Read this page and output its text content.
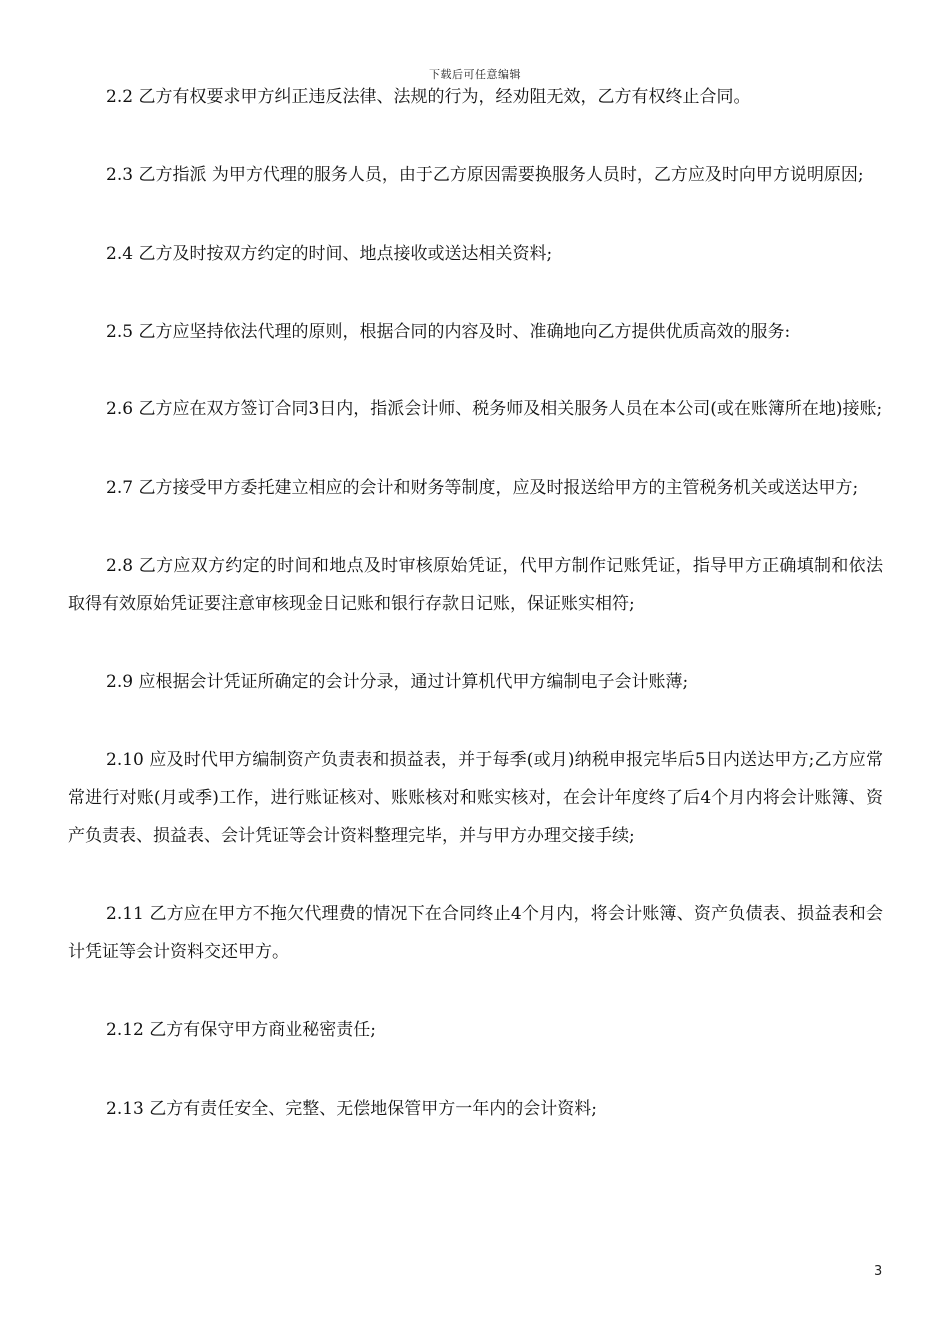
下载后可任意编辑

2.2 乙方有权要求甲方纠正违反法律、法规的行为，经劝阻无效，乙方有权终止合同。

2.3 乙方指派 为甲方代理的服务人员，由于乙方原因需要换服务人员时，乙方应及时向甲方说明原因;

2.4 乙方及时按双方约定的时间、地点接收或送达相关资料;

2.5 乙方应坚持依法代理的原则，根据合同的内容及时、准确地向乙方提供优质高效的服务:

2.6 乙方应在双方签订合同3日内，指派会计师、税务师及相关服务人员在本公司(或在账簿所在地)接账;

2.7 乙方接受甲方委托建立相应的会计和财务等制度，应及时报送给甲方的主管税务机关或送达甲方;

2.8 乙方应双方约定的时间和地点及时审核原始凭证，代甲方制作记账凭证，指导甲方正确填制和依法取得有效原始凭证要注意审核现金日记账和银行存款日记账，保证账实相符;

2.9 应根据会计凭证所确定的会计分录，通过计算机代甲方编制电子会计账薄;

2.10 应及时代甲方编制资产负责表和损益表，并于每季(或月)纳税申报完毕后5日内送达甲方;乙方应常常进行对账(月或季)工作，进行账证核对、账账核对和账实核对，在会计年度终了后4个月内将会计账簿、资产负责表、损益表、会计凭证等会计资料整理完毕，并与甲方办理交接手续;

2.11 乙方应在甲方不拖欠代理费的情况下在合同终止4个月内，将会计账簿、资产负债表、损益表和会计凭证等会计资料交还甲方。

2.12 乙方有保守甲方商业秘密责任;

2.13 乙方有责任安全、完整、无偿地保管甲方一年内的会计资料;

3
